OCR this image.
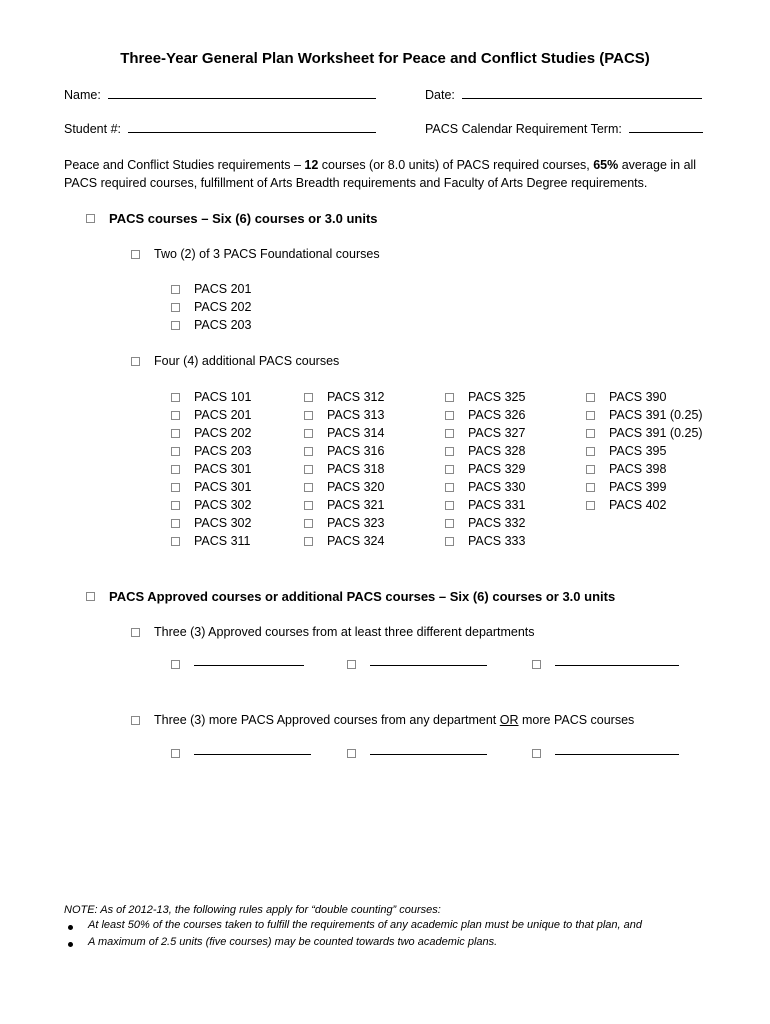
Three-Year General Plan Worksheet for Peace and Conflict Studies (PACS)
Name:	Date:
Student #:	PACS Calendar Requirement Term:
Peace and Conflict Studies requirements – 12 courses (or 8.0 units) of PACS required courses, 65% average in all PACS required courses, fulfillment of Arts Breadth requirements and Faculty of Arts Degree requirements.
PACS courses – Six (6) courses or 3.0 units
Two (2) of 3 PACS Foundational courses
PACS 201
PACS 202
PACS 203
Four (4) additional PACS courses
PACS 101
PACS 201
PACS 202
PACS 203
PACS 301
PACS 301
PACS 302
PACS 302
PACS 311
PACS 312
PACS 313
PACS 314
PACS 316
PACS 318
PACS 320
PACS 321
PACS 323
PACS 324
PACS 325
PACS 326
PACS 327
PACS 328
PACS 329
PACS 330
PACS 331
PACS 332
PACS 333
PACS 390
PACS 391 (0.25)
PACS 391 (0.25)
PACS 395
PACS 398
PACS 399
PACS 402
PACS Approved courses or additional PACS courses – Six (6) courses or 3.0 units
Three (3) Approved courses from at least three different departments
Three (3) more PACS Approved courses from any department OR more PACS courses
NOTE: As of 2012-13, the following rules apply for “double counting” courses:
At least 50% of the courses taken to fulfill the requirements of any academic plan must be unique to that plan, and
A maximum of 2.5 units (five courses) may be counted towards two academic plans.
